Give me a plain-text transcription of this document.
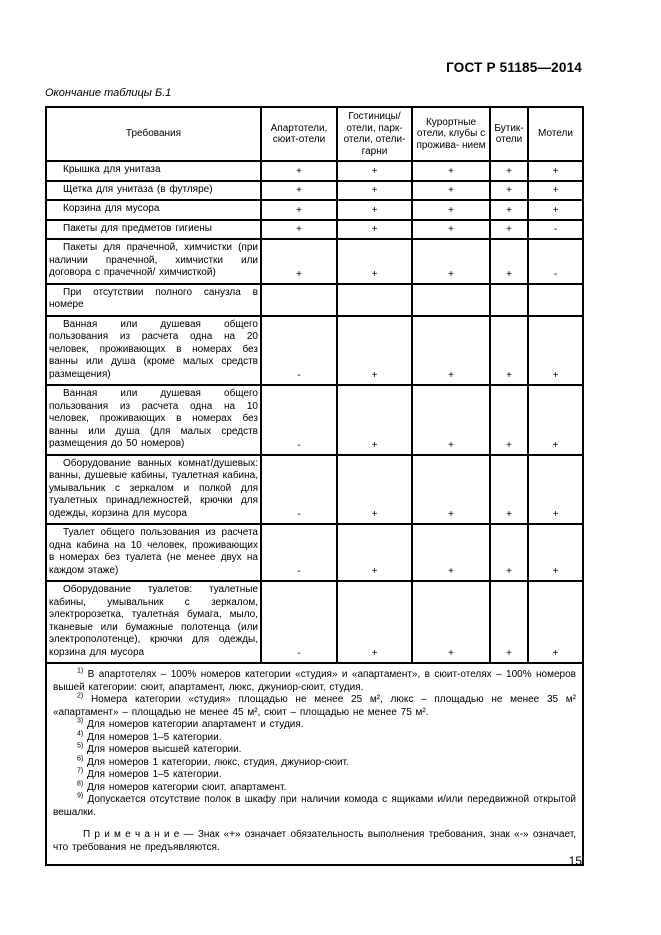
ГОСТ Р 51185—2014
Окончание таблицы Б.1
Требования	Апартотели, сюит-отели	Гостиницы/ отели, парк-отели, отели-гарни	Курортные отели, клубы с прожива- нием	Бутик- отели	Мотели
Крышка для унитаза	+	+	+	+	+
Щетка для унитаза (в футляре)	+	+	+	+	+
Корзина для мусора	+	+	+	+	+
Пакеты для предметов гигиены	+	+	+	+	-
Пакеты для прачечной, химчистки (при наличии прачечной, химчистки или договора с прачечной/ химчисткой)	+	+	+	+	-
При отсутствии полного санузла в номере					
Ванная или душевая общего пользования из расчета одна на 20 человек, проживающих в номерах без ванны или душа (кроме малых средств размещения)	-	+	+	+	+
Ванная или душевая общего пользования из расчета одна на 10 человек, проживающих в номерах без ванны или душа (для малых средств размещения до 50 номеров)	-	+	+	+	+
Оборудование ванных комнат/душевых: ванны, душевые кабины, туалетная кабина, умывальник с зеркалом и полкой для туалетных принадлежностей, крючки для одежды, корзина для мусора	-	+	+	+	+
Туалет общего пользования из расчета одна кабина на 10 человек, проживающих в номерах без туалета (не менее двух на каждом этаже)	-	+	+	+	+
Оборудование туалетов: туалетные кабины, умывальник с зеркалом, электророзетка, туалетная бумага, мыло, тканевые или бумажные полотенца (или электрополотенце), крючки для одежды, корзина для мусора	-	+	+	+	+

$^{1)}$ В апартотелях – 100% номеров категории «студия» и «апартамент», в сюит-отелях – 100% номеров вышей категории: сюит, апартамент, люкс, джуниор-сюит, студия.

$^{2)}$ Номера категории «студия» площадью не менее 25 м², люкс – площадью не менее 35 м² «апартамент» – площадью не менее 45 м², сюит – площадью не менее 75 м².

$^{3)}$ Для номеров категории апартамент и студия.

$^{4)}$ Для номеров 1–5 категории.

$^{5)}$ Для номеров высшей категории.

$^{6)}$ Для номеров 1 категории, люкс, студия, джуниор-сюит.

$^{7)}$ Для номеров 1–5 категории.

$^{8)}$ Для номеров категории сюит, апартамент.

$^{9)}$ Допускается отсутствие полок в шкафу при наличии комода с ящиками и/или передвижной открытой вешалки.

П р и м е ч а н и е — Знак «+» означает обязательность выполнения требования, знак «-» означает, что требования не предъявляются.

15
